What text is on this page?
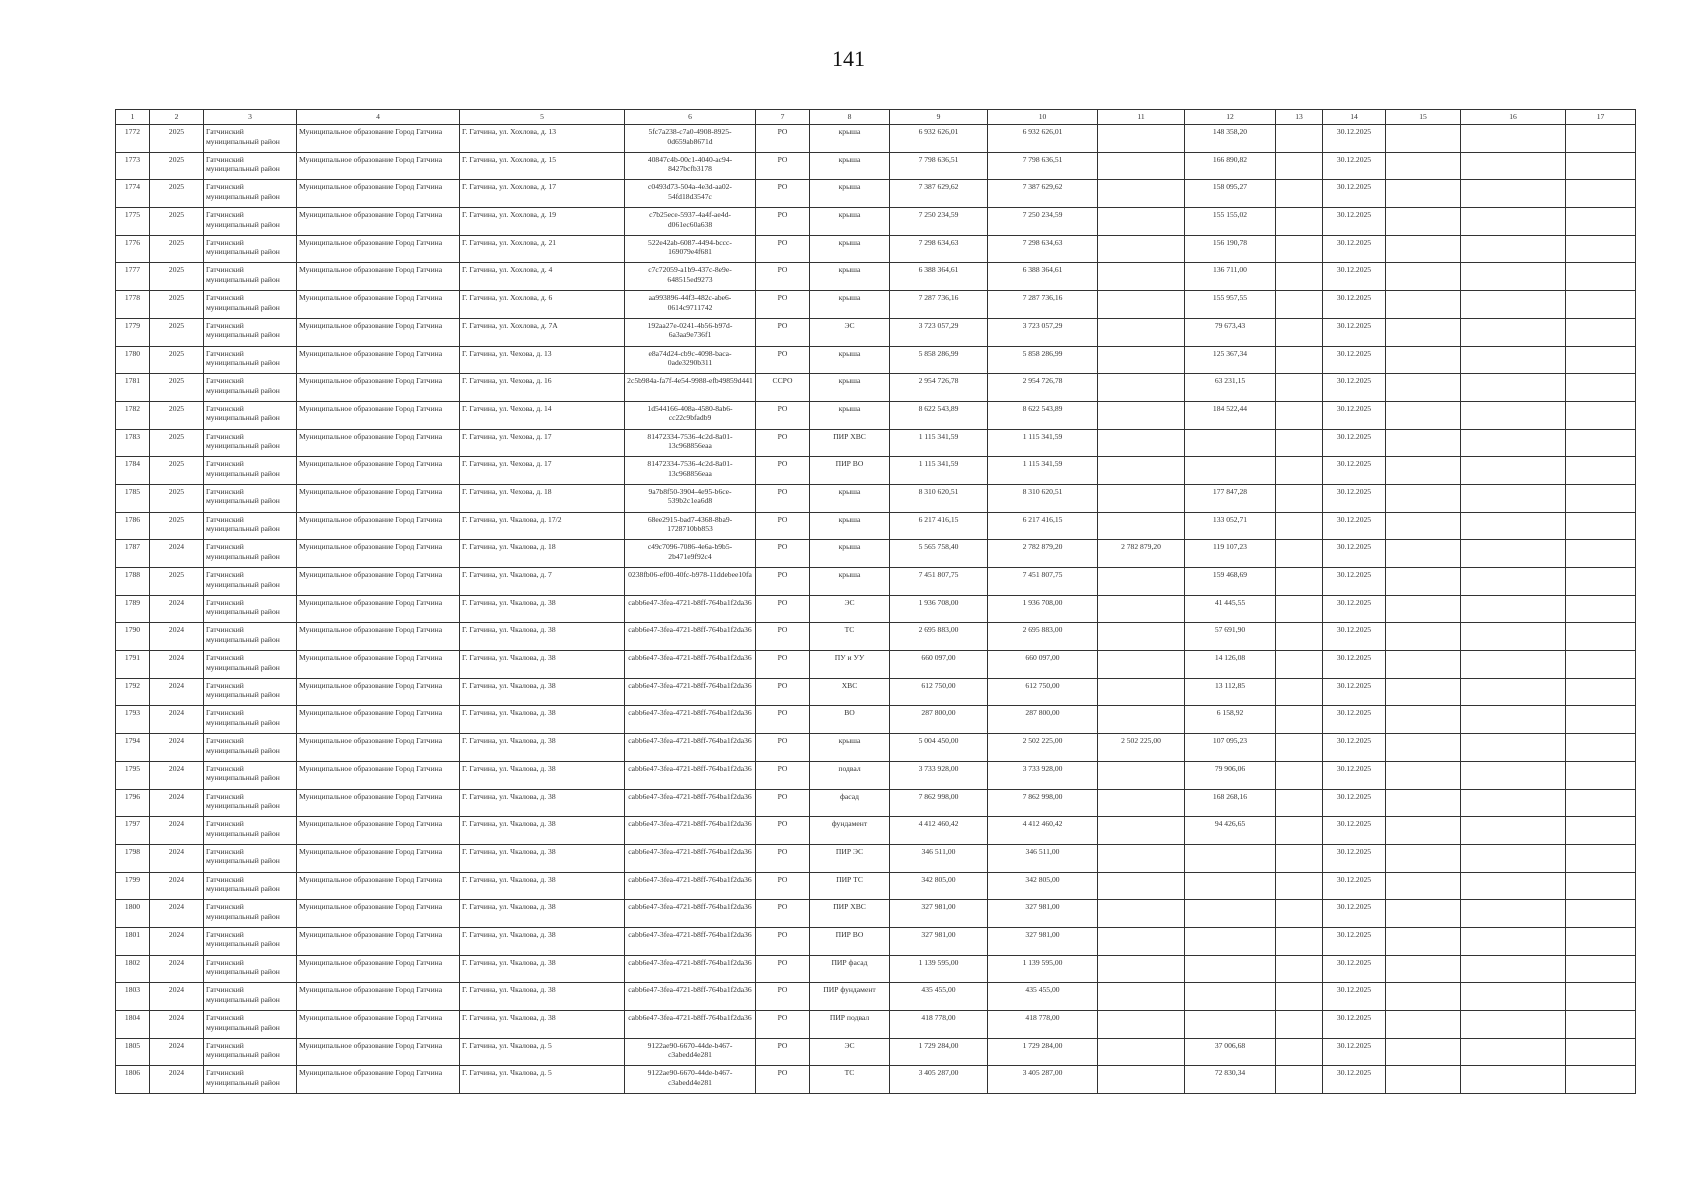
141
1	2	3	4	5	6	7	8	9	10	11	12	13	14	15	16	17
1772	2025	Гатчинский муниципальный район	Муниципальное образование Город Гатчина	Г. Гатчина, ул. Хохлова, д. 13	5fc7a238-c7a0-4908-8925-0d659ab8671d	РО	крыша	6 932 626,01	6 932 626,01		148 358,20		30.12.2025			
1773	2025	Гатчинский муниципальный район	Муниципальное образование Город Гатчина	Г. Гатчина, ул. Хохлова, д. 15	40847c4b-00c1-4040-ac94-8427bcfb3178	РО	крыша	7 798 636,51	7 798 636,51		166 890,82		30.12.2025			
1774	2025	Гатчинский муниципальный район	Муниципальное образование Город Гатчина	Г. Гатчина, ул. Хохлова, д. 17	c0493d73-504a-4e3d-aa02-54fd18d3547c	РО	крыша	7 387 629,62	7 387 629,62		158 095,27		30.12.2025			
1775	2025	Гатчинский муниципальный район	Муниципальное образование Город Гатчина	Г. Гатчина, ул. Хохлова, д. 19	c7b25ece-5937-4a4f-ae4d-d061ec60a638	РО	крыша	7 250 234,59	7 250 234,59		155 155,02		30.12.2025			
1776	2025	Гатчинский муниципальный район	Муниципальное образование Город Гатчина	Г. Гатчина, ул. Хохлова, д. 21	522e42ab-6087-4494-bccc-169079e4f681	РО	крыша	7 298 634,63	7 298 634,63		156 190,78		30.12.2025			
1777	2025	Гатчинский муниципальный район	Муниципальное образование Город Гатчина	Г. Гатчина, ул. Хохлова, д. 4	c7c72059-a1b9-437c-8e9e-648515ed9273	РО	крыша	6 388 364,61	6 388 364,61		136 711,00		30.12.2025			
1778	2025	Гатчинский муниципальный район	Муниципальное образование Город Гатчина	Г. Гатчина, ул. Хохлова, д. 6	aa993896-44f3-482c-abe6-0614c9711742	РО	крыша	7 287 736,16	7 287 736,16		155 957,55		30.12.2025			
1779	2025	Гатчинский муниципальный район	Муниципальное образование Город Гатчина	Г. Гатчина, ул. Хохлова, д. 7А	192aa27e-0241-4b56-b97d-6a3aa9e736f1	РО	ЭС	3 723 057,29	3 723 057,29		79 673,43		30.12.2025			
1780	2025	Гатчинский муниципальный район	Муниципальное образование Город Гатчина	Г. Гатчина, ул. Чехова, д. 13	e8a74d24-cb9c-4098-baca-0ade3290b311	РО	крыша	5 858 286,99	5 858 286,99		125 367,34		30.12.2025			
1781	2025	Гатчинский муниципальный район	Муниципальное образование Город Гатчина	Г. Гатчина, ул. Чехова, д. 16	2c5b984a-fa7f-4e54-9988-efb49859d441	ССРО	крыша	2 954 726,78	2 954 726,78		63 231,15		30.12.2025			
1782	2025	Гатчинский муниципальный район	Муниципальное образование Город Гатчина	Г. Гатчина, ул. Чехова, д. 14	1d544166-408a-4580-8ab6-cc22c9bfadb9	РО	крыша	8 622 543,89	8 622 543,89		184 522,44		30.12.2025			
1783	2025	Гатчинский муниципальный район	Муниципальное образование Город Гатчина	Г. Гатчина, ул. Чехова, д. 17	81472334-7536-4c2d-8a01-13c968856eaa	РО	ПИР ХВС	1 115 341,59	1 115 341,59				30.12.2025			
1784	2025	Гатчинский муниципальный район	Муниципальное образование Город Гатчина	Г. Гатчина, ул. Чехова, д. 17	81472334-7536-4c2d-8a01-13c968856eaa	РО	ПИР ВО	1 115 341,59	1 115 341,59				30.12.2025			
1785	2025	Гатчинский муниципальный район	Муниципальное образование Город Гатчина	Г. Гатчина, ул. Чехова, д. 18	9a7b8f50-3904-4e95-b6ce-539b2c1ea6d8	РО	крыша	8 310 620,51	8 310 620,51		177 847,28		30.12.2025			
1786	2025	Гатчинский муниципальный район	Муниципальное образование Город Гатчина	Г. Гатчина, ул. Чкалова, д. 17/2	68ee2915-bad7-4368-8ba9-1728710bb853	РО	крыша	6 217 416,15	6 217 416,15		133 052,71		30.12.2025			
1787	2024	Гатчинский муниципальный район	Муниципальное образование Город Гатчина	Г. Гатчина, ул. Чкалова, д. 18	c49c7096-7086-4e6a-b9b5-2b471e9f92c4	РО	крыша	5 565 758,40	2 782 879,20	2 782 879,20	119 107,23		30.12.2025			
1788	2025	Гатчинский муниципальный район	Муниципальное образование Город Гатчина	Г. Гатчина, ул. Чкалова, д. 7	0238fb06-ef00-40fc-b978-11ddebee10fa	РО	крыша	7 451 807,75	7 451 807,75		159 468,69		30.12.2025			
1789	2024	Гатчинский муниципальный район	Муниципальное образование Город Гатчина	Г. Гатчина, ул. Чкалова, д. 38	cabb6e47-3fea-4721-b8ff-764ba1f2da36	РО	ЭС	1 936 708,00	1 936 708,00		41 445,55		30.12.2025			
1790	2024	Гатчинский муниципальный район	Муниципальное образование Город Гатчина	Г. Гатчина, ул. Чкалова, д. 38	cabb6e47-3fea-4721-b8ff-764ba1f2da36	РО	ТС	2 695 883,00	2 695 883,00		57 691,90		30.12.2025			
1791	2024	Гатчинский муниципальный район	Муниципальное образование Город Гатчина	Г. Гатчина, ул. Чкалова, д. 38	cabb6e47-3fea-4721-b8ff-764ba1f2da36	РО	ПУ и УУ	660 097,00	660 097,00		14 126,08		30.12.2025			
1792	2024	Гатчинский муниципальный район	Муниципальное образование Город Гатчина	Г. Гатчина, ул. Чкалова, д. 38	cabb6e47-3fea-4721-b8ff-764ba1f2da36	РО	ХВС	612 750,00	612 750,00		13 112,85		30.12.2025			
1793	2024	Гатчинский муниципальный район	Муниципальное образование Город Гатчина	Г. Гатчина, ул. Чкалова, д. 38	cabb6e47-3fea-4721-b8ff-764ba1f2da36	РО	ВО	287 800,00	287 800,00		6 158,92		30.12.2025			
1794	2024	Гатчинский муниципальный район	Муниципальное образование Город Гатчина	Г. Гатчина, ул. Чкалова, д. 38	cabb6e47-3fea-4721-b8ff-764ba1f2da36	РО	крыша	5 004 450,00	2 502 225,00	2 502 225,00	107 095,23		30.12.2025			
1795	2024	Гатчинский муниципальный район	Муниципальное образование Город Гатчина	Г. Гатчина, ул. Чкалова, д. 38	cabb6e47-3fea-4721-b8ff-764ba1f2da36	РО	подвал	3 733 928,00	3 733 928,00		79 906,06		30.12.2025			
1796	2024	Гатчинский муниципальный район	Муниципальное образование Город Гатчина	Г. Гатчина, ул. Чкалова, д. 38	cabb6e47-3fea-4721-b8ff-764ba1f2da36	РО	фасад	7 862 998,00	7 862 998,00		168 268,16		30.12.2025			
1797	2024	Гатчинский муниципальный район	Муниципальное образование Город Гатчина	Г. Гатчина, ул. Чкалова, д. 38	cabb6e47-3fea-4721-b8ff-764ba1f2da36	РО	фундамент	4 412 460,42	4 412 460,42		94 426,65		30.12.2025			
1798	2024	Гатчинский муниципальный район	Муниципальное образование Город Гатчина	Г. Гатчина, ул. Чкалова, д. 38	cabb6e47-3fea-4721-b8ff-764ba1f2da36	РО	ПИР ЭС	346 511,00	346 511,00				30.12.2025			
1799	2024	Гатчинский муниципальный район	Муниципальное образование Город Гатчина	Г. Гатчина, ул. Чкалова, д. 38	cabb6e47-3fea-4721-b8ff-764ba1f2da36	РО	ПИР ТС	342 805,00	342 805,00				30.12.2025			
1800	2024	Гатчинский муниципальный район	Муниципальное образование Город Гатчина	Г. Гатчина, ул. Чкалова, д. 38	cabb6e47-3fea-4721-b8ff-764ba1f2da36	РО	ПИР ХВС	327 981,00	327 981,00				30.12.2025			
1801	2024	Гатчинский муниципальный район	Муниципальное образование Город Гатчина	Г. Гатчина, ул. Чкалова, д. 38	cabb6e47-3fea-4721-b8ff-764ba1f2da36	РО	ПИР ВО	327 981,00	327 981,00				30.12.2025			
1802	2024	Гатчинский муниципальный район	Муниципальное образование Город Гатчина	Г. Гатчина, ул. Чкалова, д. 38	cabb6e47-3fea-4721-b8ff-764ba1f2da36	РО	ПИР фасад	1 139 595,00	1 139 595,00				30.12.2025			
1803	2024	Гатчинский муниципальный район	Муниципальное образование Город Гатчина	Г. Гатчина, ул. Чкалова, д. 38	cabb6e47-3fea-4721-b8ff-764ba1f2da36	РО	ПИР фундамент	435 455,00	435 455,00				30.12.2025			
1804	2024	Гатчинский муниципальный район	Муниципальное образование Город Гатчина	Г. Гатчина, ул. Чкалова, д. 38	cabb6e47-3fea-4721-b8ff-764ba1f2da36	РО	ПИР подвал	418 778,00	418 778,00				30.12.2025			
1805	2024	Гатчинский муниципальный район	Муниципальное образование Город Гатчина	Г. Гатчина, ул. Чкалова, д. 5	9122ae90-6670-44de-b467-c3abedd4e281	РО	ЭС	1 729 284,00	1 729 284,00		37 006,68		30.12.2025			
1806	2024	Гатчинский муниципальный район	Муниципальное образование Город Гатчина	Г. Гатчина, ул. Чкалова, д. 5	9122ae90-6670-44de-b467-c3abedd4e281	РО	ТС	3 405 287,00	3 405 287,00		72 830,34		30.12.2025			
